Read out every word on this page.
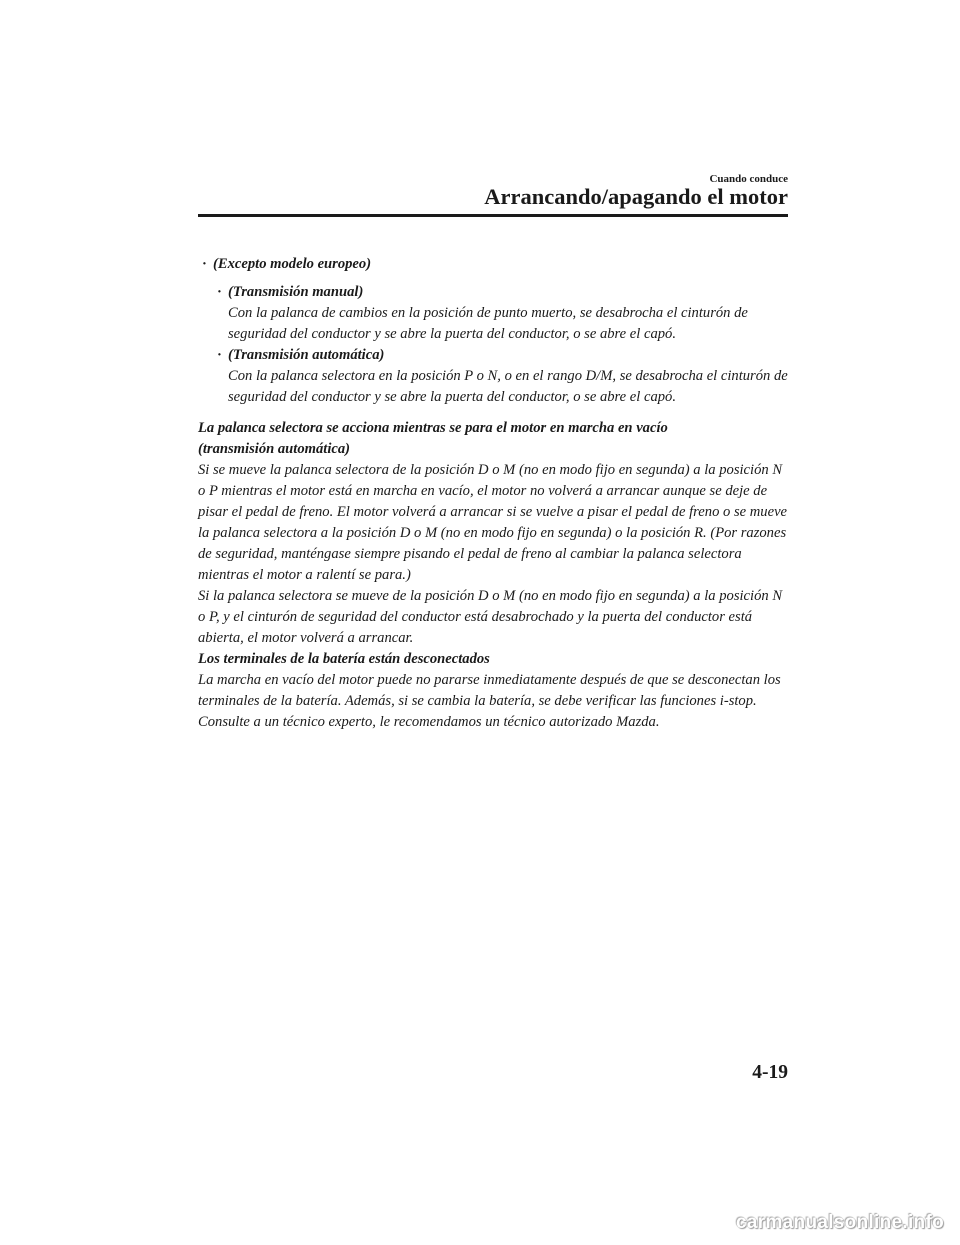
Cuando conduce
Arrancando/apagando el motor
· (Excepto modelo europeo)
· (Transmisión manual)
Con la palanca de cambios en la posición de punto muerto, se desabrocha el cinturón de seguridad del conductor y se abre la puerta del conductor, o se abre el capó.
· (Transmisión automática)
Con la palanca selectora en la posición P o N, o en el rango D/M, se desabrocha el cinturón de seguridad del conductor y se abre la puerta del conductor, o se abre el capó.
La palanca selectora se acciona mientras se para el motor en marcha en vacío
(transmisión automática)

Si se mueve la palanca selectora de la posición D o M (no en modo fijo en segunda) a la posición N o P mientras el motor está en marcha en vacío, el motor no volverá a arrancar aunque se deje de pisar el pedal de freno. El motor volverá a arrancar si se vuelve a pisar el pedal de freno o se mueve la palanca selectora a la posición D o M (no en modo fijo en segunda) o la posición R. (Por razones de seguridad, manténgase siempre pisando el pedal de freno al cambiar la palanca selectora mientras el motor a ralentí se para.)

Si la palanca selectora se mueve de la posición D o M (no en modo fijo en segunda) a la posición N o P, y el cinturón de seguridad del conductor está desabrochado y la puerta del conductor está abierta, el motor volverá a arrancar.

Los terminales de la batería están desconectados

La marcha en vacío del motor puede no pararse inmediatamente después de que se desconectan los terminales de la batería. Además, si se cambia la batería, se debe verificar las funciones i-stop. Consulte a un técnico experto, le recomendamos un técnico autorizado Mazda.

4-19
carmanualsonline.info
